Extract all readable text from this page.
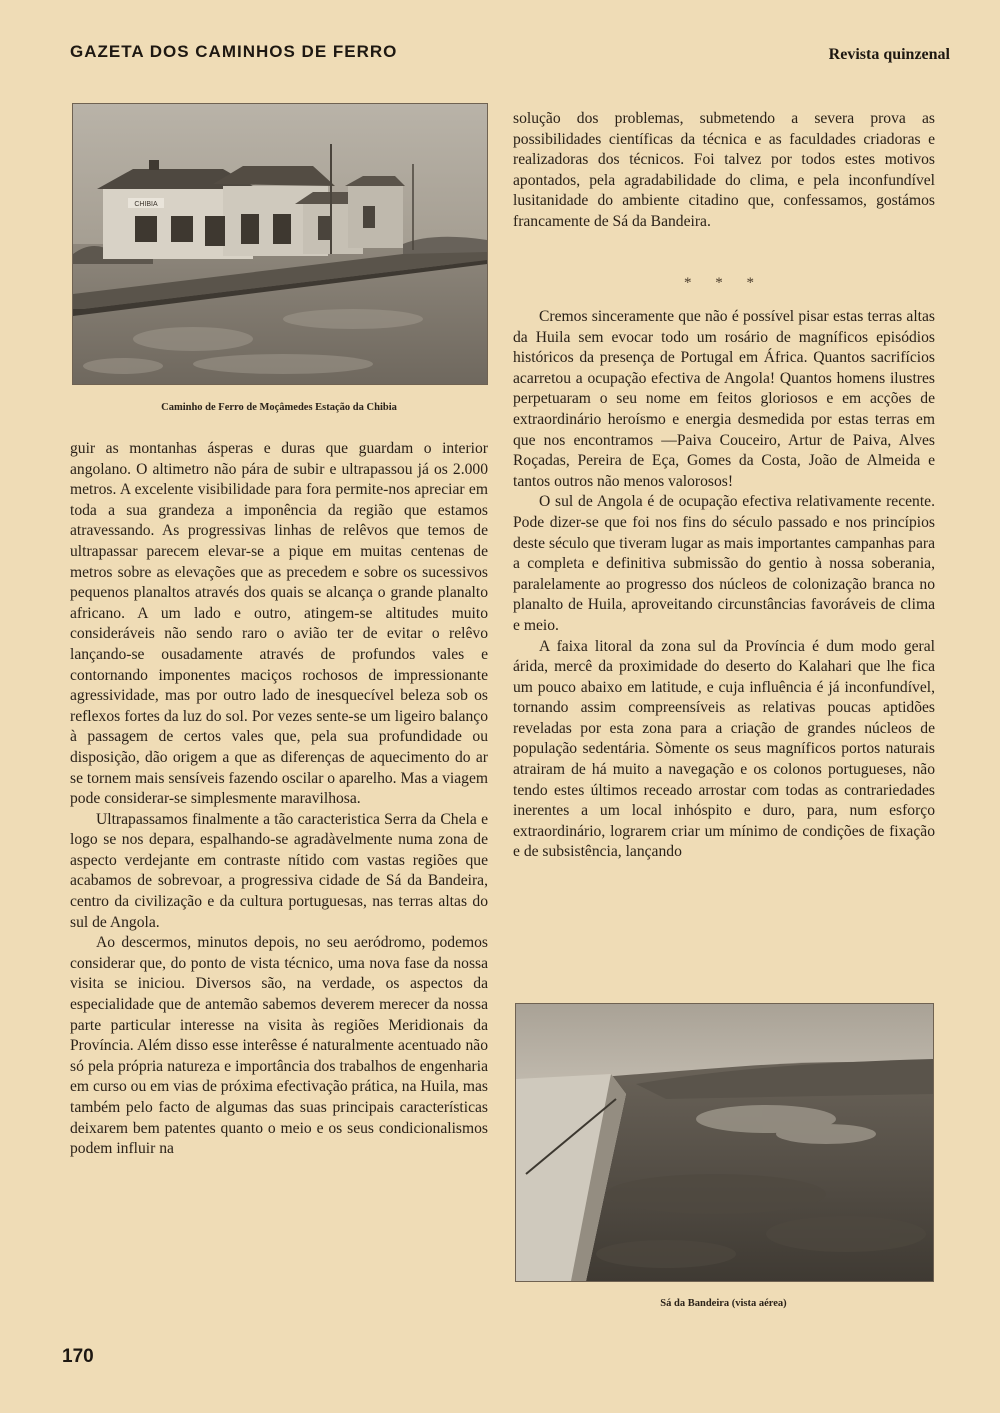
GAZETA DOS CAMINHOS DE FERRO	Revista quinzenal
CHIBIA
Caminho de Ferro de Moçâmedes Estação da Chibia

guir as montanhas ásperas e duras que guardam o interior angolano. O altimetro não pára de subir e ultrapassou já os 2.000 metros. A excelente visibilidade para fora permite-nos apreciar em toda a sua grandeza a imponência da região que estamos atravessando. As progressivas linhas de relêvos que temos de ultrapassar parecem elevar-se a pique em muitas centenas de metros sobre as elevações que as precedem e sobre os sucessivos pequenos planaltos através dos quais se alcança o grande planalto africano. A um lado e outro, atingem-se altitudes muito consideráveis não sendo raro o avião ter de evitar o relêvo lançando-se ousadamente através de profundos vales e contornando imponentes maciços rochosos de impressionante agressividade, mas por outro lado de inesquecível beleza sob os reflexos fortes da luz do sol. Por vezes sente-se um ligeiro balanço à passagem de certos vales que, pela sua profundidade ou disposição, dão origem a que as diferenças de aquecimento do ar se tornem mais sensíveis fazendo oscilar o aparelho. Mas a viagem pode considerar-se simplesmente maravilhosa.

Ultrapassamos finalmente a tão caracteristica Serra da Chela e logo se nos depara, espalhando-se agradàvelmente numa zona de aspecto verdejante em contraste nítido com vastas regiões que acabamos de sobrevoar, a progressiva cidade de Sá da Bandeira, centro da civilização e da cultura portuguesas, nas terras altas do sul de Angola.

Ao descermos, minutos depois, no seu aeródromo, podemos considerar que, do ponto de vista técnico, uma nova fase da nossa visita se iniciou. Diversos são, na verdade, os aspectos da especialidade que de antemão sabemos deverem merecer da nossa parte particular interesse na visita às regiões Meridionais da Província. Além disso esse interêsse é naturalmente acentuado não só pela própria natureza e importância dos trabalhos de engenharia em curso ou em vias de próxima efectivação prática, na Huila, mas também pelo facto de algumas das suas principais características deixarem bem patentes quanto o meio e os seus condicionalismos podem influir na

solução dos problemas, submetendo a severa prova as possibilidades científicas da técnica e as faculdades criadoras e realizadoras dos técnicos. Foi talvez por todos estes motivos apontados, pela agradabilidade do clima, e pela inconfundível lusitanidade do ambiente citadino que, confessamos, gostámos francamente de Sá da Bandeira.

* * *

Cremos sinceramente que não é possível pisar estas terras altas da Huila sem evocar todo um rosário de magníficos episódios históricos da presença de Portugal em África. Quantos sacrifícios acarretou a ocupação efectiva de Angola! Quantos homens ilustres perpetuaram o seu nome em feitos gloriosos e em acções de extraordinário heroísmo e energia desmedida por estas terras em que nos encontramos —Paiva Couceiro, Artur de Paiva, Alves Roçadas, Pereira de Eça, Gomes da Costa, João de Almeida e tantos outros não menos valorosos!

O sul de Angola é de ocupação efectiva relativamente recente. Pode dizer-se que foi nos fins do século passado e nos princípios deste século que tiveram lugar as mais importantes campanhas para a completa e definitiva submissão do gentio à nossa soberania, paralelamente ao progresso dos núcleos de colonização branca no planalto de Huila, aproveitando circunstâncias favoráveis de clima e meio.

A faixa litoral da zona sul da Província é dum modo geral árida, mercê da proximidade do deserto do Kalahari que lhe fica um pouco abaixo em latitude, e cuja influência é já inconfundível, tornando assim compreensíveis as relativas poucas aptidões reveladas por esta zona para a criação de grandes núcleos de população sedentária. Sòmente os seus magníficos portos naturais atrairam de há muito a navegação e os colonos portugueses, não tendo estes últimos receado arrostar com todas as contrariedades inerentes a um local inhóspito e duro, para, num esforço extraordinário, lograrem criar um mínimo de condições de fixação e de subsistência, lançando

Sá da Bandeira (vista aérea)
170
